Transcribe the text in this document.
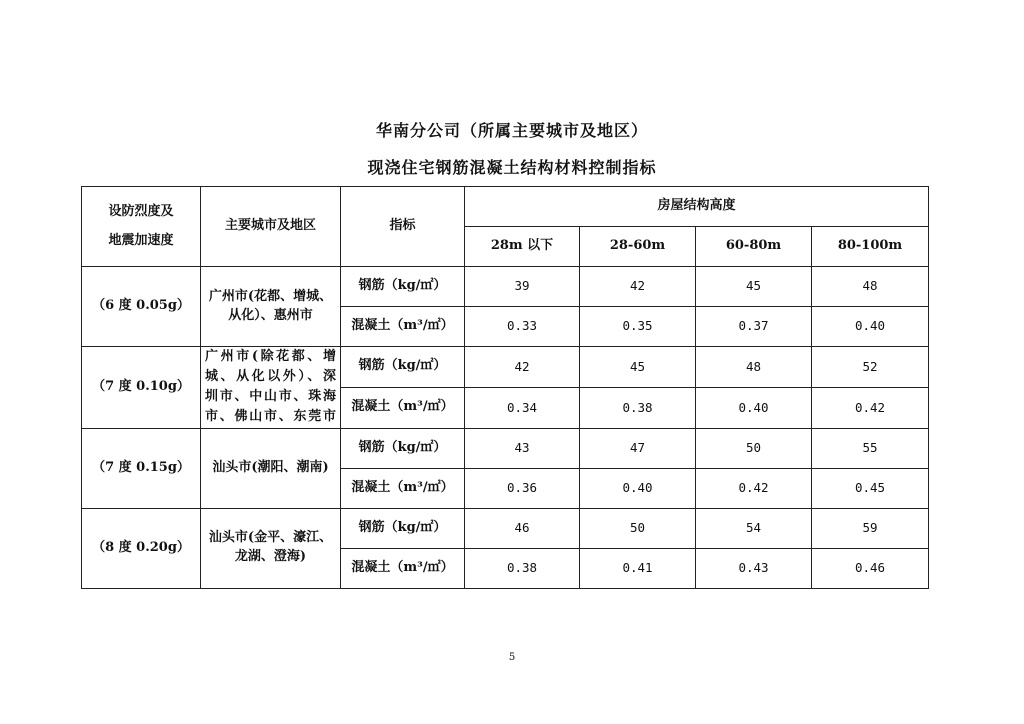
华南分公司（所属主要城市及地区）
现浇住宅钢筋混凝土结构材料控制指标
设防烈度及
地震加速度	主要城市及地区	指标	房屋结构高度			
			28m 以下	28-60m	60-80m	80-100m
（6 度 0.05g）	广州市(花都、增城、
从化）、惠州市	钢筋（kg/㎡）	39	42	45	48
		混凝土（m³/㎡）	0.33	0.35	0.37	0.40
（7 度 0.10g）	广州市(除花都、增
城、从化以外）、深
圳市、中山市、珠海
市、佛山市、东莞市	钢筋（kg/㎡）	42	45	48	52
		混凝土（m³/㎡）	0.34	0.38	0.40	0.42
（7 度 0.15g）	汕头市(潮阳、潮南)	钢筋（kg/㎡）	43	47	50	55
		混凝土（m³/㎡）	0.36	0.40	0.42	0.45
（8 度 0.20g）	汕头市(金平、濠江、
龙湖、澄海)	钢筋（kg/㎡）	46	50	54	59
		混凝土（m³/㎡）	0.38	0.41	0.43	0.46
5
